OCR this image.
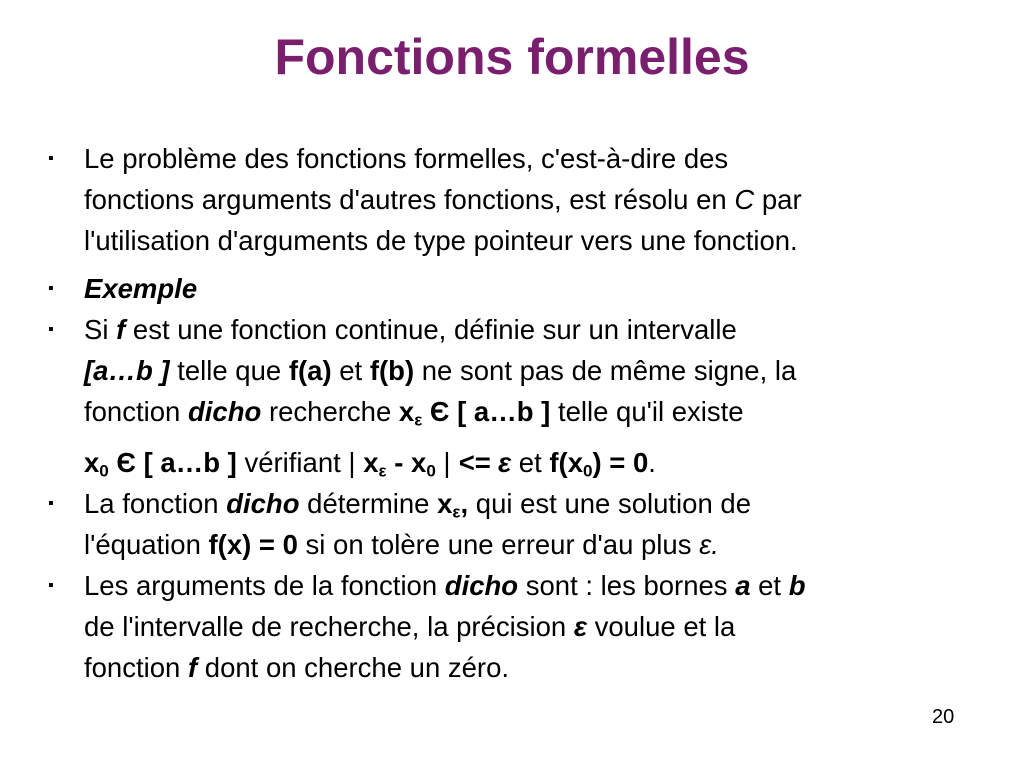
Fonctions formelles
▪ Le problème des fonctions formelles, c'est-à-dire des
fonctions arguments d'autres fonctions, est résolu en C par
l'utilisation d'arguments de type pointeur vers une fonction.
▪ Exemple
▪ Si f est une fonction continue, définie sur un intervalle
[a…b ] telle que f(a) et f(b) ne sont pas de même signe, la
fonction dicho recherche $x_\varepsilon$ Є [ a…b ] telle qu'il existe
$x_0$ Є [ a…b ] vérifiant | $x_\varepsilon - x_0$ | <= ε et $f(x_0) = 0$.
▪ La fonction dicho détermine $x_\varepsilon$, qui est une solution de
l'équation f(x) = 0 si on tolère une erreur d'au plus ε.
▪ Les arguments de la fonction dicho sont : les bornes a et b
de l'intervalle de recherche, la précision ε voulue et la
fonction f dont on cherche un zéro.
20
